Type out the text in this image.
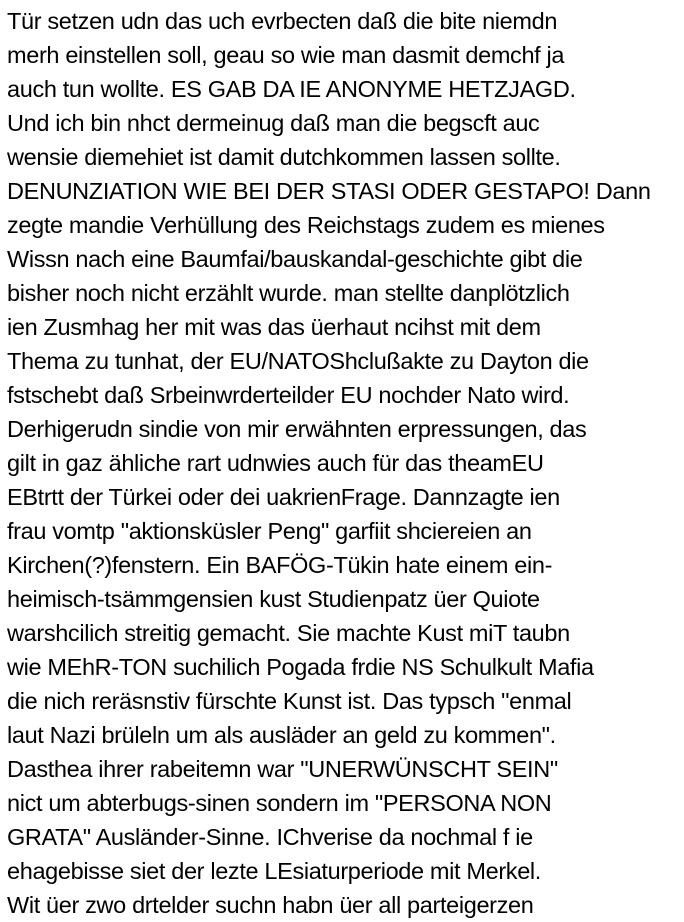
Tür setzen udn das uch evrbecten daß die bite niemdn
merh einstellen soll, geau so wie man dasmit demchf ja
auch tun wollte. ES GAB DA IE ANONYME HETZJAGD.
Und ich bin nhct dermeinug daß man die begscft auc
wensie diemehiet ist damit dutchkommen lassen sollte.
DENUNZIATION WIE BEI DER STASI ODER GESTAPO! Dann
zegte mandie Verhüllung des Reichstags zudem es mienes
Wissn nach eine Baumfai/bauskandal-geschichte gibt die
bisher noch nicht erzählt wurde. man stellte danplötzlich
ien Zusmhag her mit was das üerhaut ncihst mit dem
Thema zu tunhat, der EU/NATOShclußakte zu Dayton die
fstschebt daß Srbeinwrderteilder EU nochder Nato wird.
Derhigerudn sindie von mir erwähnten erpressungen, das
gilt in gaz ähliche rart udnwies auch für das theamEU
EBtrtt der Türkei oder dei uakrienFrage. Dannzagte ien
frau vomtp "aktionsküsler Peng" garfiit shciereien an
Kirchen(?)fenstern. Ein BAFÖG-Tükin hate einem ein-
heimisch-tsämmgensien kust Studienpatz üer Quiote
warshcilich streitig gemacht. Sie machte Kust miT taubn
wie MEhR-TON suchilich Pogada frdie NS Schulkult Mafia
die nich reräsnstiv fürschte Kunst ist. Das typsch "enmal
laut Nazi brüleln um als ausläder an geld zu kommen".
Dasthea ihrer rabeitemn war "UNERWÜNSCHT SEIN"
nict um abterbugs-sinen sondern im "PERSONA NON
GRATA" Ausländer-Sinne. IChverise da nochmal f ie
ehagebisse siet der lezte LEsiaturperiode mit Merkel.
Wit üer zwo drtelder suchn habn üer all parteigerzen
